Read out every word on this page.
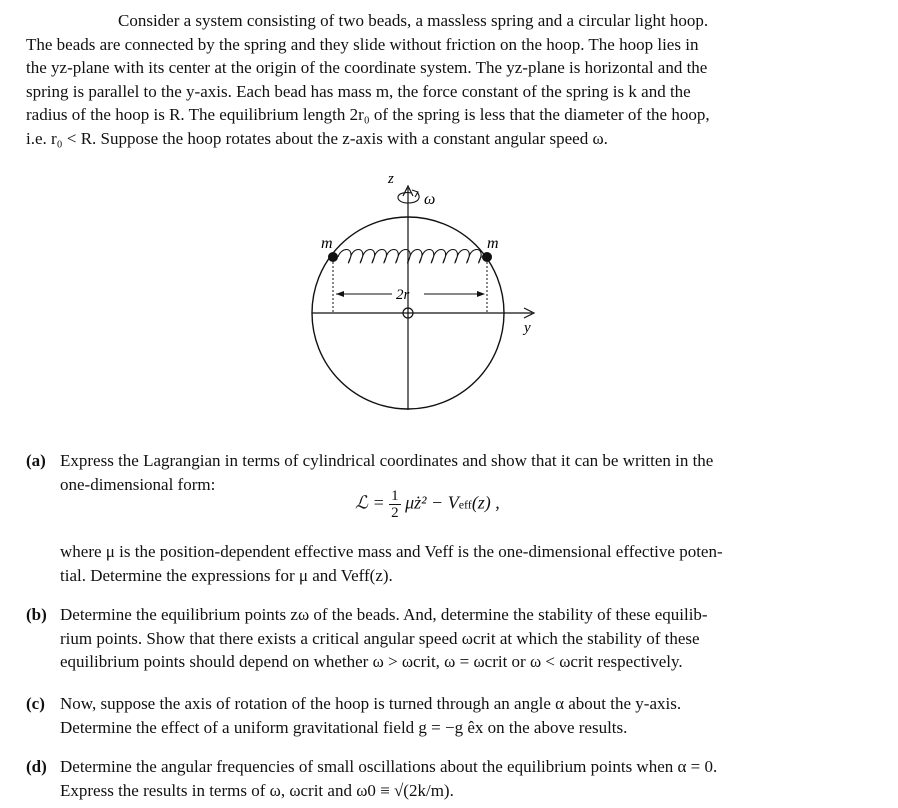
Consider a system consisting of two beads, a massless spring and a circular light hoop.

The beads are connected by the spring and they slide without friction on the hoop. The hoop lies in
the yz-plane with its center at the origin of the coordinate system. The yz-plane is horizontal and the
spring is parallel to the y-axis. Each bead has mass m, the force constant of the spring is k and the
radius of the hoop is R. The equilibrium length 2r₀ of the spring is less that the diameter of the hoop,
i.e. r₀ < R. Suppose the hoop rotates about the z-axis with a constant angular speed ω.
z
ω
m	m
2r
y
(a) Express the Lagrangian in terms of cylindrical coordinates and show that it can be written in the
one-dimensional form:
ℒ = $\frac{1}{2}$ μż² − Veff(z) ,
where μ is the position-dependent effective mass and Veff is the one-dimensional effective poten-
tial. Determine the expressions for μ and Veff(z).
(b) Determine the equilibrium points zω of the beads. And, determine the stability of these equilib-
rium points. Show that there exists a critical angular speed ωcrit at which the stability of these
equilibrium points should depend on whether ω > ωcrit, ω = ωcrit or ω < ωcrit respectively.
(c) Now, suppose the axis of rotation of the hoop is turned through an angle α about the y-axis.
Determine the effect of a uniform gravitational field g = −g êx on the above results.
(d) Determine the angular frequencies of small oscillations about the equilibrium points when α = 0.
Express the results in terms of ω, ωcrit and ω0 ≡ √(2k/m).
